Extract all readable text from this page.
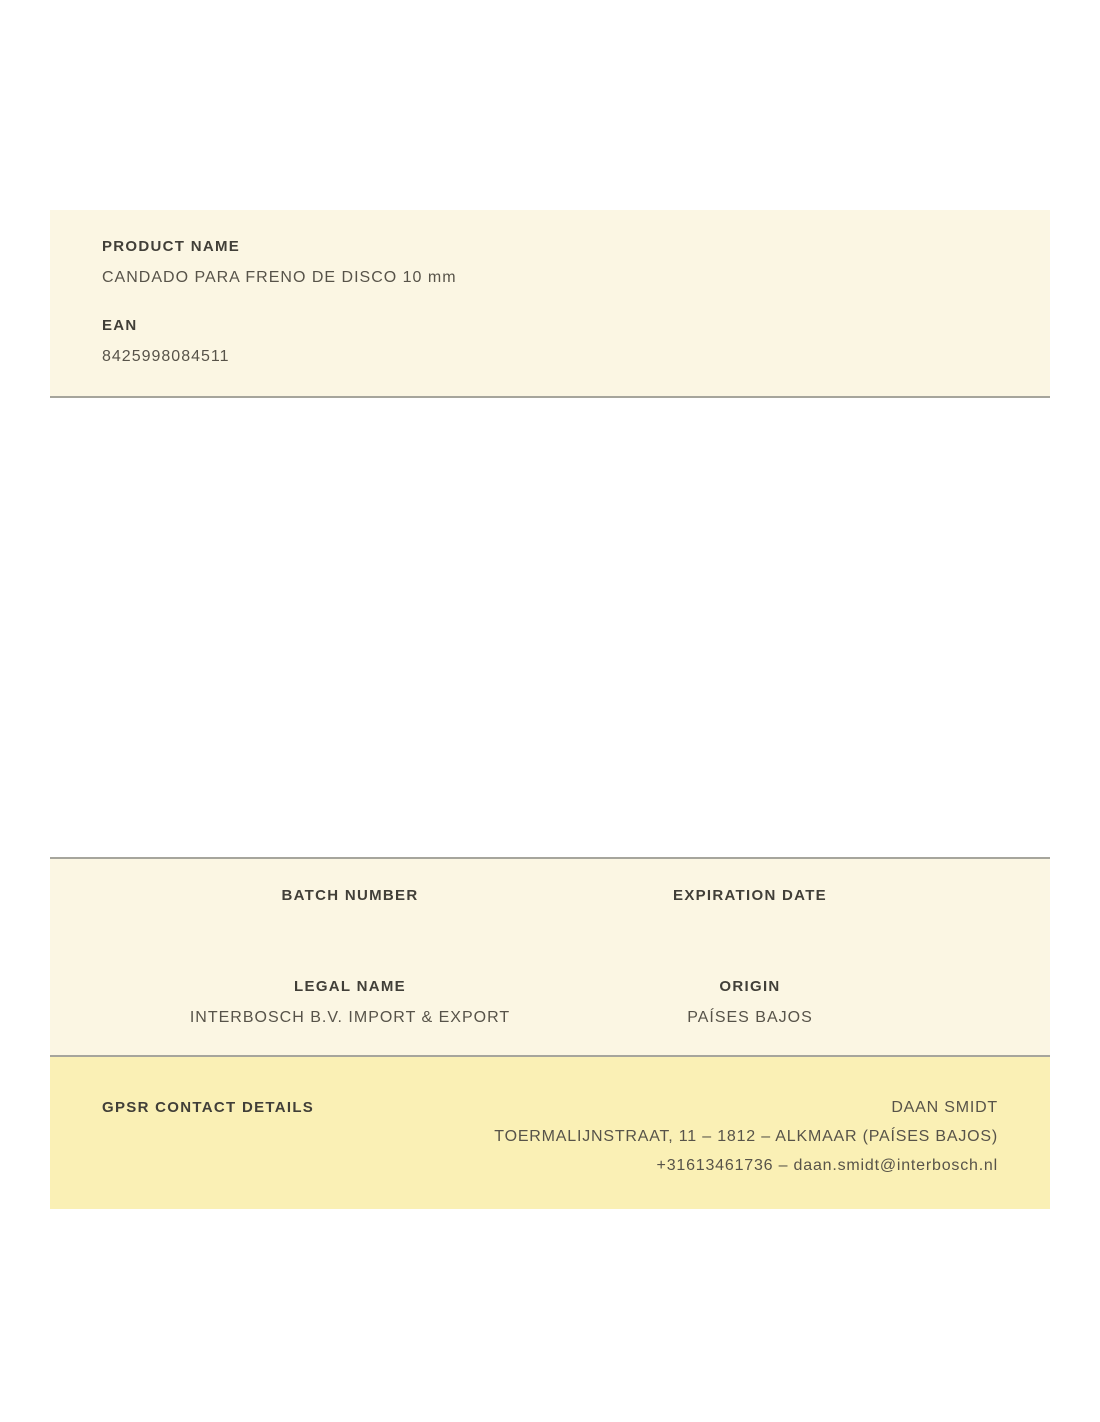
PRODUCT NAME
CANDADO PARA FRENO DE DISCO 10 mm
EAN
8425998084511
BATCH NUMBER	EXPIRATION DATE
LEGAL NAME
INTERBOSCH B.V. IMPORT & EXPORT
ORIGIN
PAÍSES BAJOS
GPSR CONTACT DETAILS	DAAN SMIDT
TOERMALIJNSTRAAT, 11 – 1812 – ALKMAAR (PAÍSES BAJOS)
+31613461736 – daan.smidt@interbosch.nl
